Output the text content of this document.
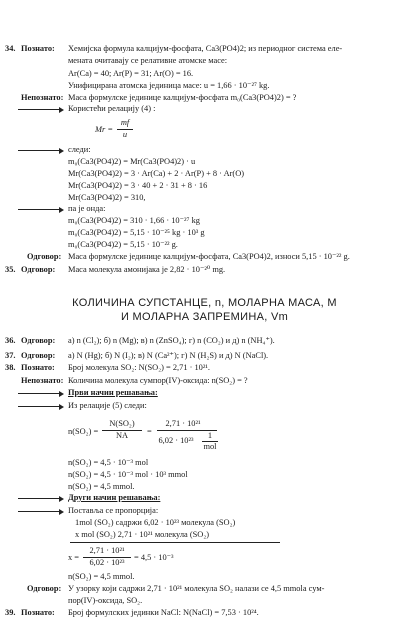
34. Познато: Хемијска формула калцијум-фосфата, Ca3(PO4)2; из периодног система еле-
мената очитавају се релативне атомске масе:
Ar(Ca) = 40; Ar(P) = 31; Ar(O) = 16.
Унифицирана атомска јединица масе: u = 1,66 · 10⁻²⁷ kg.
Непознато: Маса формулске јединице калцијум-фосфата m₀(Ca3(PO4)2) = ?
Користећи релацију (4) :
Mr =
mf
u
следи:
m₀(Ca3(PO4)2) = Mr(Ca3(PO4)2) · u
Mr(Ca3(PO4)2) = 3 · Ar(Ca) + 2 · Ar(P) + 8 · Ar(O)
Mr(Ca3(PO4)2) = 3 · 40 + 2 · 31 + 8 · 16
Mr(Ca3(PO4)2) = 310,
па је онда:
m₀(Ca3(PO4)2) = 310 · 1,66 · 10⁻²⁷ kg
m₀(Ca3(PO4)2) = 5,15 · 10⁻²⁵ kg · 10³ g
m₀(Ca3(PO4)2) = 5,15 · 10⁻²² g.
Одговор: Маса формулске јединице калцијум-фосфата, Ca3(PO4)2, износи 5,15 · 10⁻²² g.
35. Одговор: Маса молекула амонијака је 2,82 · 10⁻²⁰ mg.
КОЛИЧИНА СУПСТАНЦЕ, n, МОЛАРНА МАСА, M
И МОЛАРНА ЗАПРЕМИНА, Vm
36. Одговор: а) n (Cl₂); б) n (Mg); в) n (ZnSO₄); г) n (CO₂) и д) n (NH₄⁺).
37. Одговор: а) N (Hg); б) N (I₂); в) N (Ca²⁺); г) N (H₂S) и д) N (NaCl).
38. Познато: Број молекула SO₂: N(SO₂) = 2,71 · 10²¹.
Непознато: Количина молекула сумпор(IV)-оксида: n(SO₂) = ?
Први начин решавања:
Из релације (5) следи:
n(SO₂) =
N(SO₂)
NA	=
2,71 · 10²¹
6,02 · 10²³
1
mol
n(SO₂) = 4,5 · 10⁻³ mol
n(SO₂) = 4,5 · 10⁻³ mol · 10³ mmol
n(SO₂) = 4,5 mmol.
Други начин решавања:
Поставља се пропорција:
1mol (SO₂) садржи 6,02 · 10²³ молекула (SO₂)
x mol (SO₂) 2,71 · 10²¹ молекула (SO₂)
x =
2,71 · 10²¹
6,02 · 10²³
= 4,5 · 10⁻³
n(SO₂) = 4,5 mmol.
Одговор: У узорку који садржи 2,71 · 10²¹ молекула SO₂ налази се 4,5 mmola сум-
пор(IV)-оксида, SO₂.
39. Познато: Број формулских јединки NaCl: N(NaCl) = 7,53 · 10²⁴.
